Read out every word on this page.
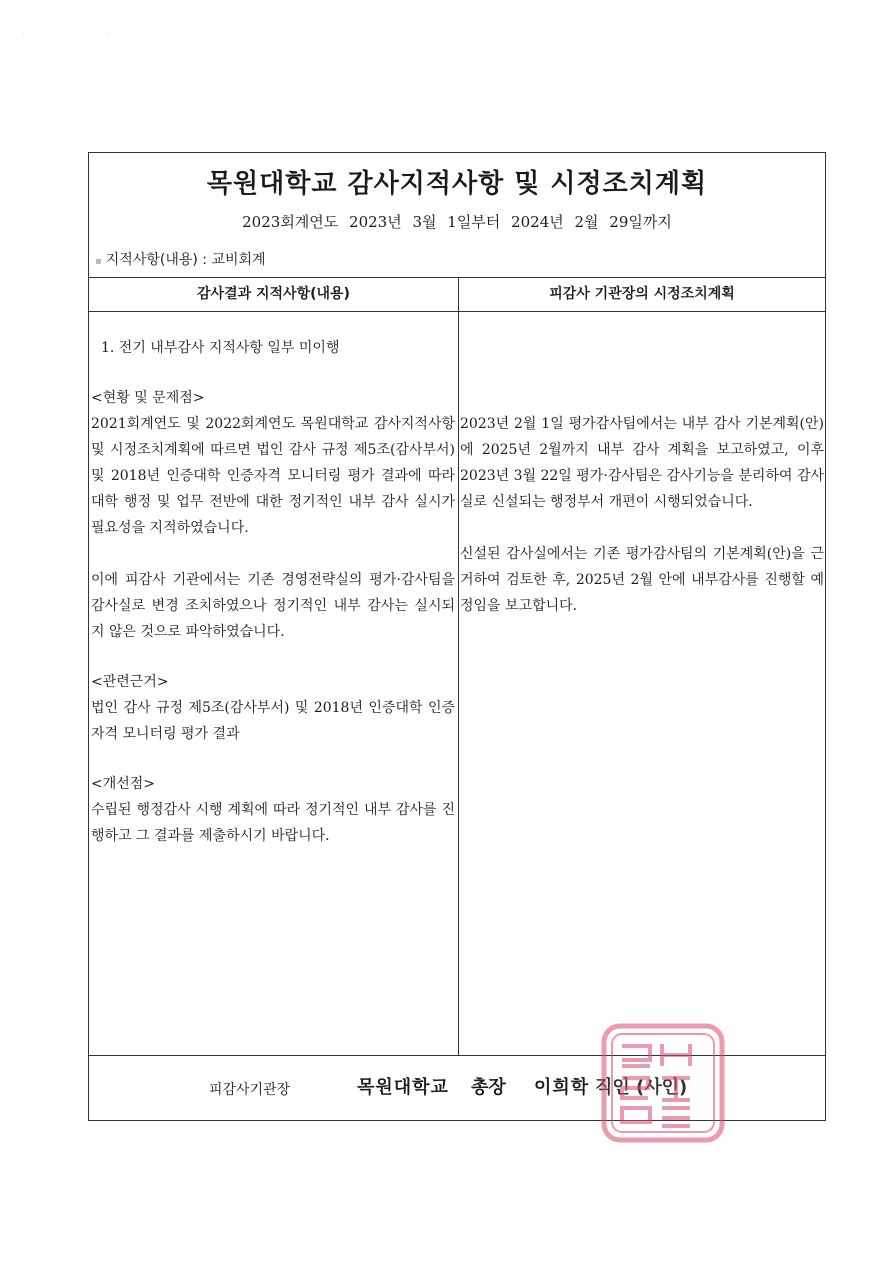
· ·
목원대학교 감사지적사항 및 시정조치계획
2023회계연도 2023년 3월 1일부터 2024년 2월 29일까지
▪ 지적사항(내용) : 교비회계
감사결과 지적사항(내용)	피감사 기관장의 시정조치계획
1. 전기 내부감사 지적사항 일부 미이행
<현황 및 문제점>

2021회계연도 및 2022회계연도 목원대학교 감사지적사항 및 시정조치계획에 따르면 법인 감사 규정 제5조(감사부서) 및 2018년 인증대학 인증자격 모니터링 평가 결과에 따라 대학 행정 및 업무 전반에 대한 정기적인 내부 감사 실시가 필요성을 지적하였습니다.

이에 피감사 기관에서는 기존 경영전략실의 평가·감사팀을 감사실로 변경 조치하였으나 정기적인 내부 감사는 실시되지 않은 것으로 파악하였습니다.

<관련근거>

법인 감사 규정 제5조(감사부서) 및 2018년 인증대학 인증자격 모니터링 평가 결과

<개선점>

수립된 행정감사 시행 계획에 따라 정기적인 내부 감사를 진행하고 그 결과를 제출하시기 바랍니다.

2023년 2월 1일 평가감사팀에서는 내부 감사 기본계획(안)에 2025년 2월까지 내부 감사 계획을 보고하였고, 이후 2023년 3월 22일 평가·감사팀은 감사기능을 분리하여 감사실로 신설되는 행정부서 개편이 시행되었습니다.

신설된 감사실에서는 기존 평가감사팀의 기본계획(안)을 근거하여 검토한 후, 2025년 2월 안에 내부감사를 진행할 예정임을 보고합니다.

피감사기관장	목원대학교 총장 이희학 직인 (사인)
